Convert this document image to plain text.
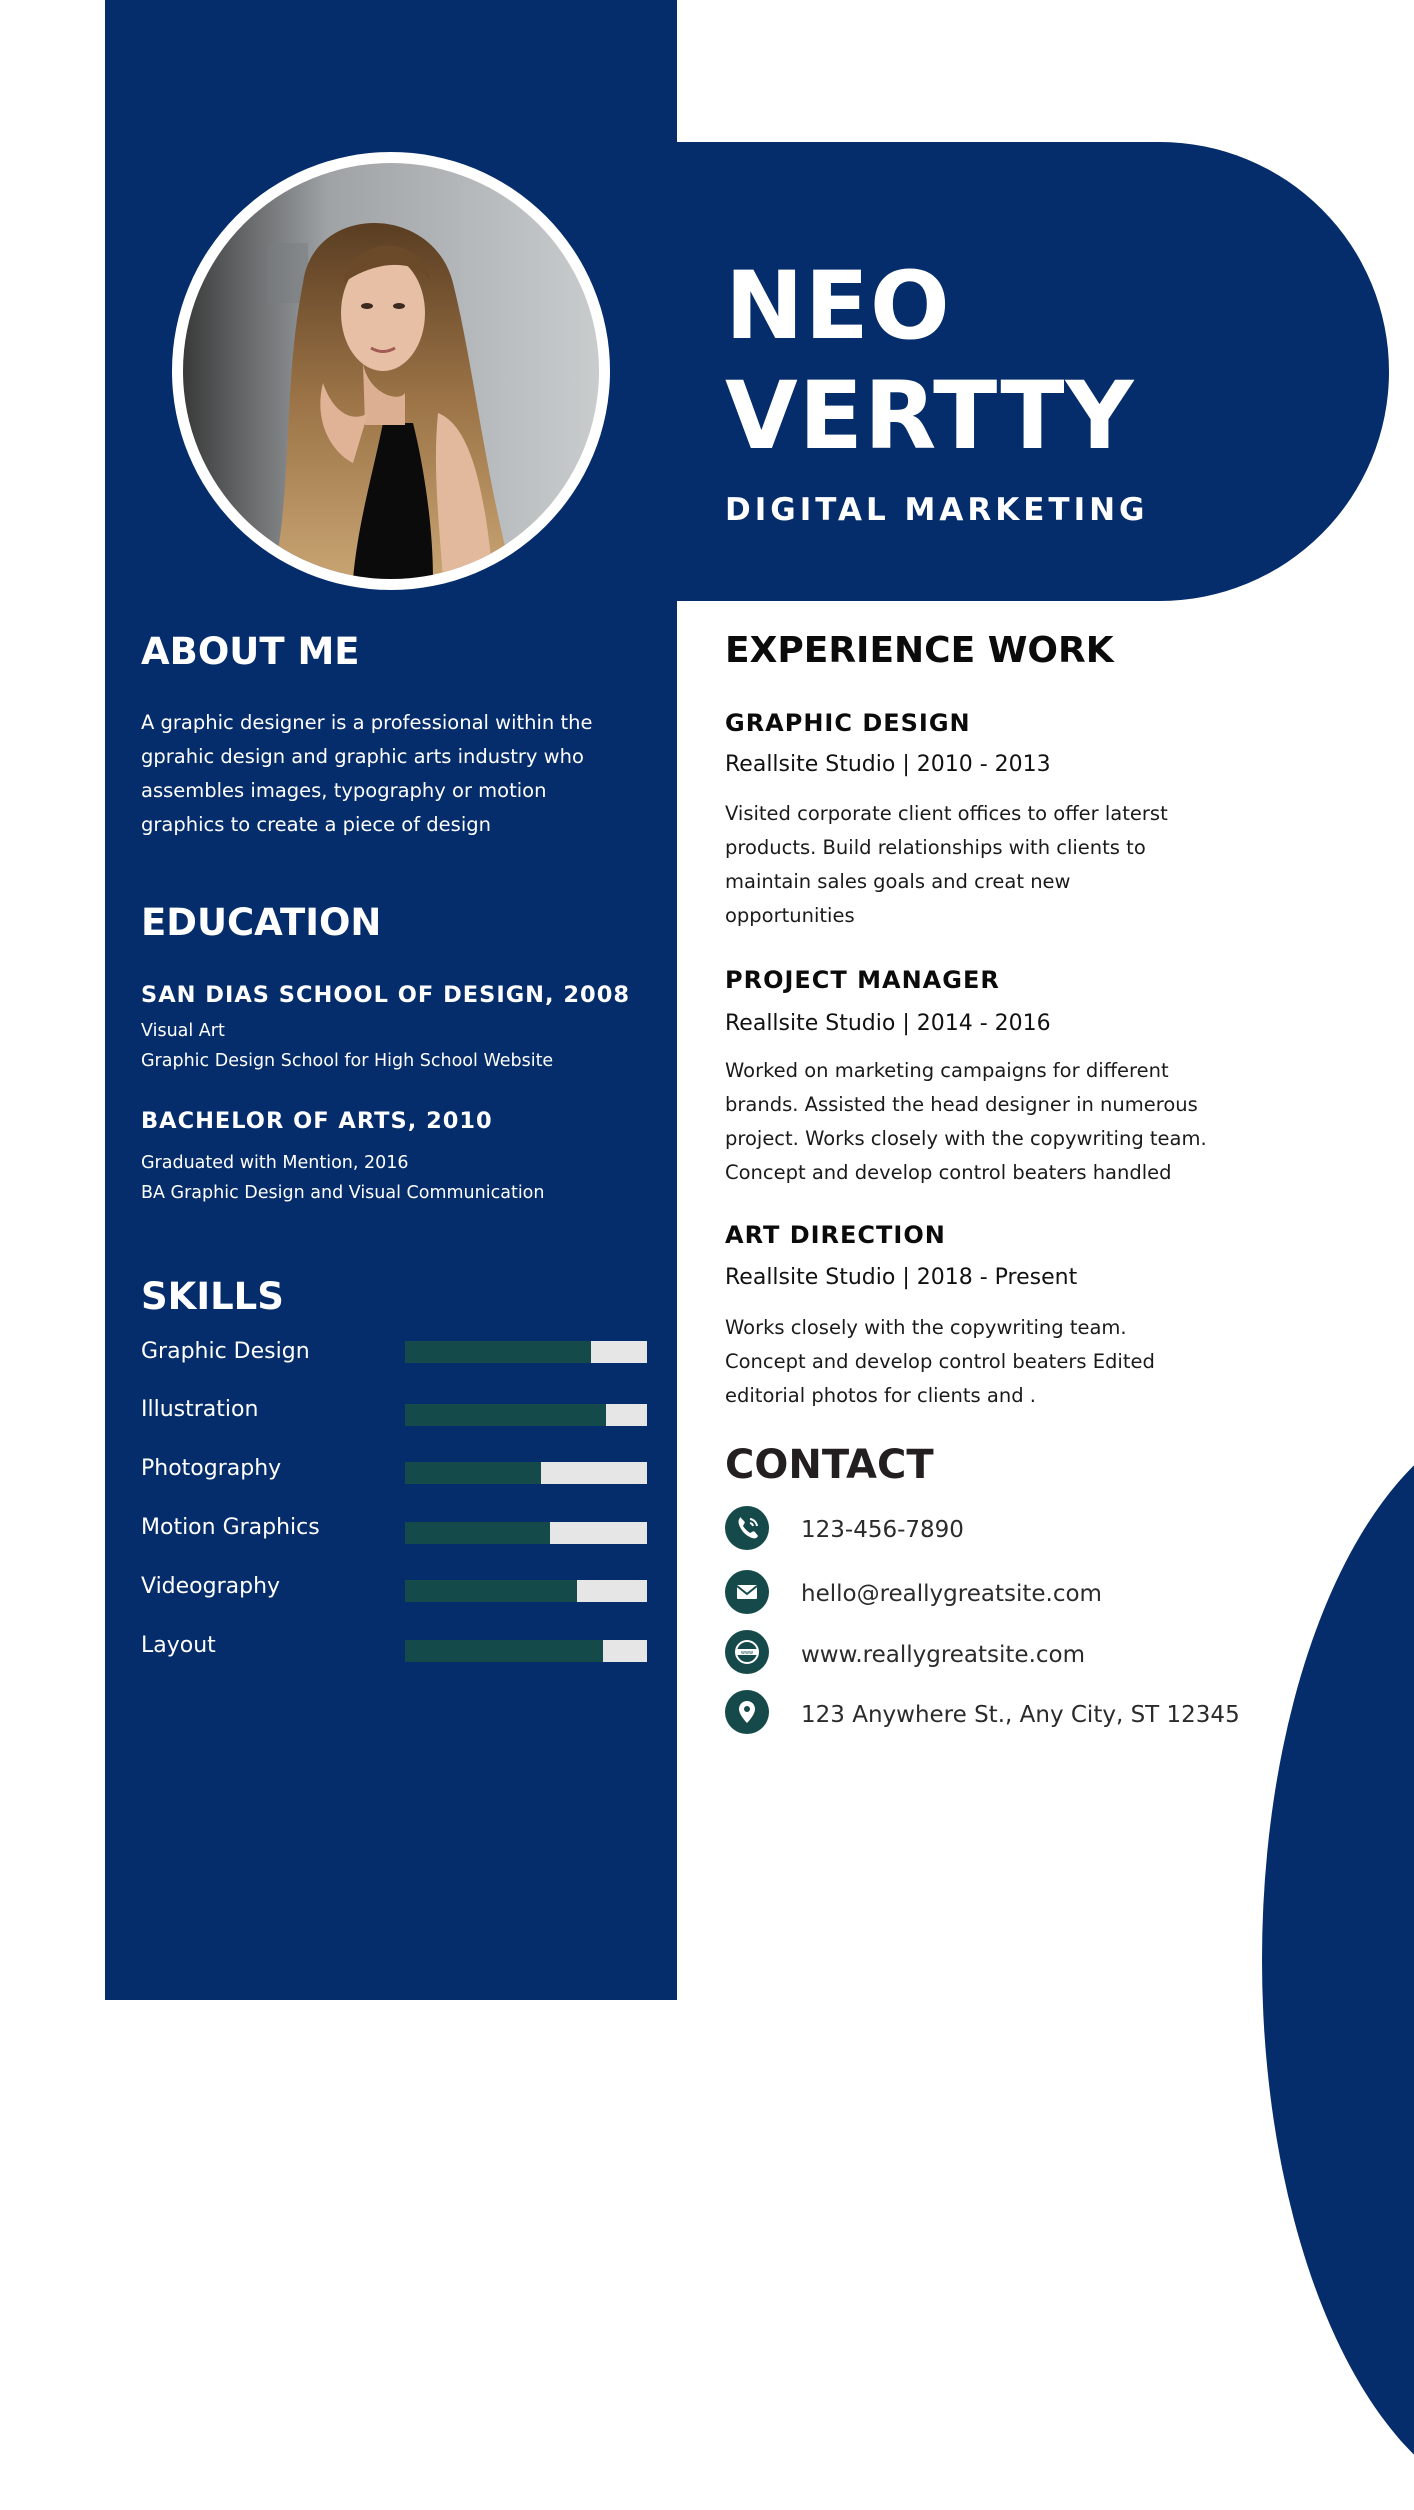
NEO
VERTTY
DIGITAL MARKETING
ABOUT ME
A graphic designer is a professional within the
gprahic design and graphic arts industry who
assembles images, typography or motion
graphics to create a piece of design
EDUCATION
SAN DIAS SCHOOL OF DESIGN, 2008
Visual Art
Graphic Design School for High School Website
BACHELOR OF ARTS, 2010
Graduated with Mention, 2016
BA Graphic Design and Visual Communication
SKILLS
Graphic Design
Illustration
Photography
Motion Graphics
Videography
Layout
EXPERIENCE WORK
GRAPHIC DESIGN
Reallsite Studio | 2010 - 2013
Visited corporate client offices to offer laterst
products. Build relationships with clients to
maintain sales goals and creat new
opportunities
PROJECT MANAGER
Reallsite Studio | 2014 - 2016
Worked on marketing campaigns for different
brands. Assisted the head designer in numerous
project. Works closely with the copywriting team.
Concept and develop control beaters handled
ART DIRECTION
Reallsite Studio | 2018 - Present
Works closely with the copywriting team.
Concept and develop control beaters Edited
editorial photos for clients and .
CONTACT
123-456-7890
hello@reallygreatsite.com
www www.reallygreatsite.com
123 Anywhere St., Any City, ST 12345
